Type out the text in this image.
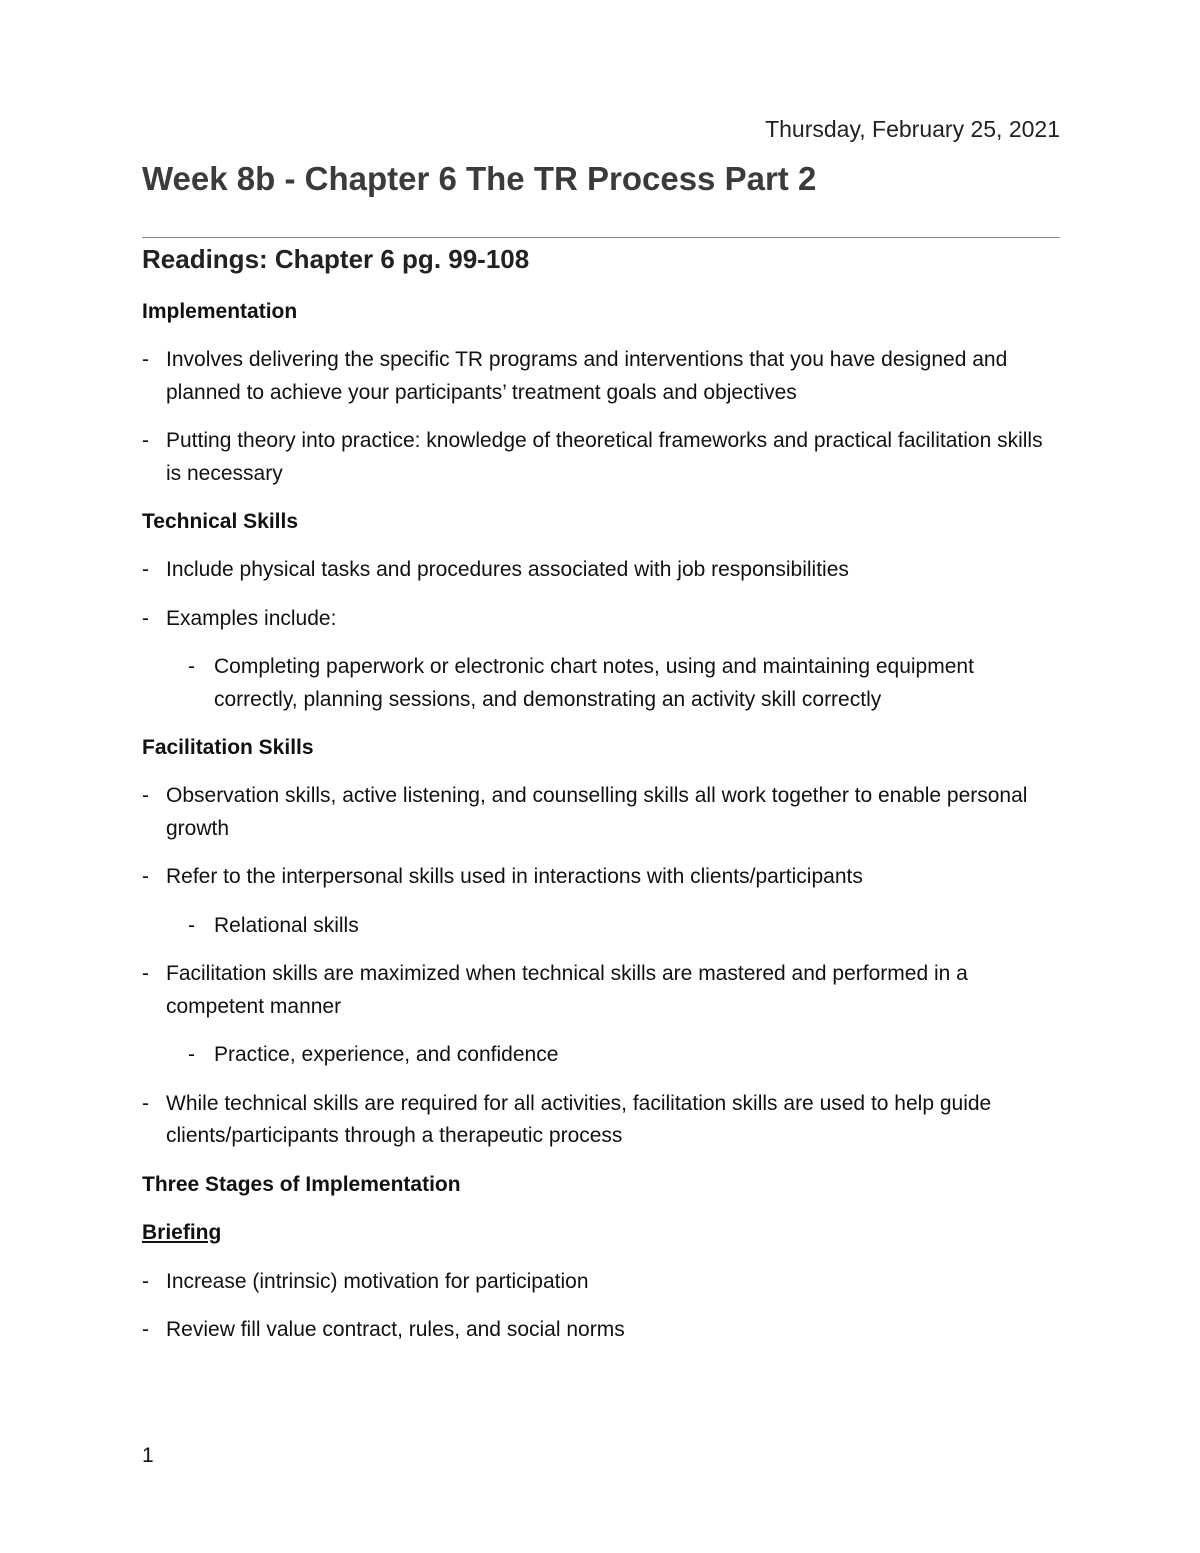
Thursday, February 25, 2021
Week 8b - Chapter 6 The TR Process Part 2
Readings: Chapter 6 pg. 99-108
Implementation

- Involves delivering the specific TR programs and interventions that you have designed and planned to achieve your participants’ treatment goals and objectives

- Putting theory into practice: knowledge of theoretical frameworks and practical facilitation skills is necessary

Technical Skills

- Include physical tasks and procedures associated with job responsibilities

- Examples include:

- Completing paperwork or electronic chart notes, using and maintaining equipment correctly, planning sessions, and demonstrating an activity skill correctly

Facilitation Skills

- Observation skills, active listening, and counselling skills all work together to enable personal growth

- Refer to the interpersonal skills used in interactions with clients/participants

- Relational skills

- Facilitation skills are maximized when technical skills are mastered and performed in a competent manner

- Practice, experience, and confidence

- While technical skills are required for all activities, facilitation skills are used to help guide clients/participants through a therapeutic process

Three Stages of Implementation
Briefing

- Increase (intrinsic) motivation for participation

- Review fill value contract, rules, and social norms

1
